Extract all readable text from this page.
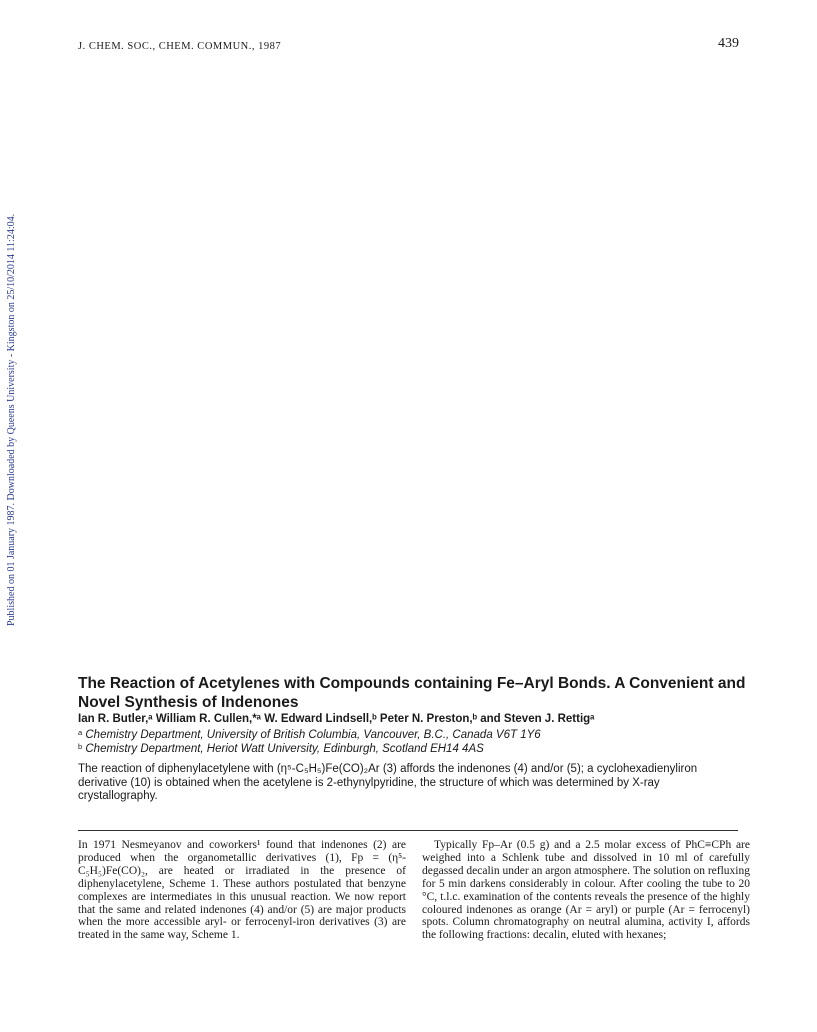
J. CHEM. SOC., CHEM. COMMUN., 1987	439
Published on 01 January 1987. Downloaded by Queens University - Kingston on 25/10/2014 11:24:04.
The Reaction of Acetylenes with Compounds containing Fe–Aryl Bonds. A Convenient and Novel Synthesis of Indenones
Ian R. Butler,ᵃ William R. Cullen,*ᵃ W. Edward Lindsell,ᵇ Peter N. Preston,ᵇ and Steven J. Rettigᵃ
$^a$ Chemistry Department, University of British Columbia, Vancouver, B.C., Canada V6T 1Y6
$^b$ Chemistry Department, Heriot Watt University, Edinburgh, Scotland EH14 4AS
The reaction of diphenylacetylene with (η⁵-C₅H₅)Fe(CO)₂Ar (3) affords the indenones (4) and/or (5); a cyclohexadienyliron derivative (10) is obtained when the acetylene is 2-ethynylpyridine, the structure of which was determined by X-ray crystallography.

In 1971 Nesmeyanov and coworkers¹ found that indenones (2) are produced when the organometallic derivatives (1), Fp = (η⁵-C₅H₅)Fe(CO)₂, are heated or irradiated in the presence of diphenylacetylene, Scheme 1. These authors postulated that benzyne complexes are intermediates in this unusual reaction. We now report that the same and related indenones (4) and/or (5) are major products when the more accessible aryl- or ferrocenyl-iron derivatives (3) are treated in the same way, Scheme 1.

Typically Fp–Ar (0.5 g) and a 2.5 molar excess of PhC≡CPh are weighed into a Schlenk tube and dissolved in 10 ml of carefully degassed decalin under an argon atmosphere. The solution on refluxing for 5 min darkens considerably in colour. After cooling the tube to 20 °C, t.l.c. examination of the contents reveals the presence of the highly coloured indenones as orange (Ar = aryl) or purple (Ar = ferrocenyl) spots. Column chromatography on neutral alumina, activity I, affords the following fractions: decalin, eluted with hexanes;
